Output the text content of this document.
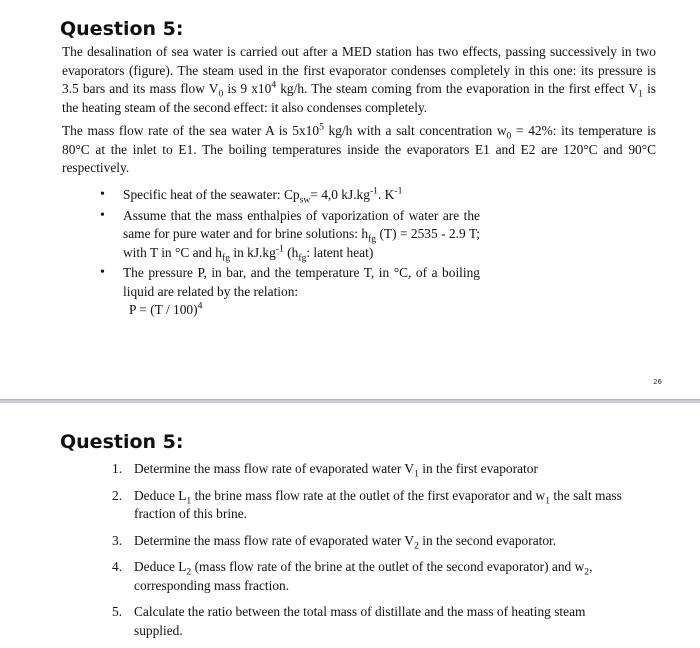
Question 5:

The desalination of sea water is carried out after a MED station has two effects, passing successively in two evaporators (figure). The steam used in the first evaporator condenses completely in this one: its pressure is 3.5 bars and its mass flow $V_0$ is 9 $x10^4$ kg/h. The steam coming from the evaporation in the first effect $V_1$ is the heating steam of the second effect: it also condenses completely.

The mass flow rate of the sea water A is $5x10^5$ kg/h with a salt concentration $w_0 = 42\%$: its temperature is 80°C at the inlet to E1. The boiling temperatures inside the evaporators E1 and E2 are 120°C and 90°C respectively.

• Specific heat of the seawater: $Cp_{sw}= 4,0$ $kJ.kg^{-1}$. $K^{-1}$
• Assume that the mass enthalpies of vaporization of water are the same for pure water and for brine solutions: $h_{fg}$ (T) = 2535 - 2.9 T; with T in °C and $h_{fg}$ in $kJ.kg^{-1}$ ($h_{fg}$: latent heat)
• The pressure P, in bar, and the temperature T, in °C, of a boiling liquid are related by the relation:
P = (T / 100)$^4$
26
Question 5:
1. Determine the mass flow rate of evaporated water $V_1$ in the first evaporator
2. Deduce $L_1$ the brine mass flow rate at the outlet of the first evaporator and $w_1$ the salt mass fraction of this brine.
3. Determine the mass flow rate of evaporated water $V_2$ in the second evaporator.
4. Deduce $L_2$ (mass flow rate of the brine at the outlet of the second evaporator) and $w_2$, corresponding mass fraction.
5. Calculate the ratio between the total mass of distillate and the mass of heating steam supplied.
